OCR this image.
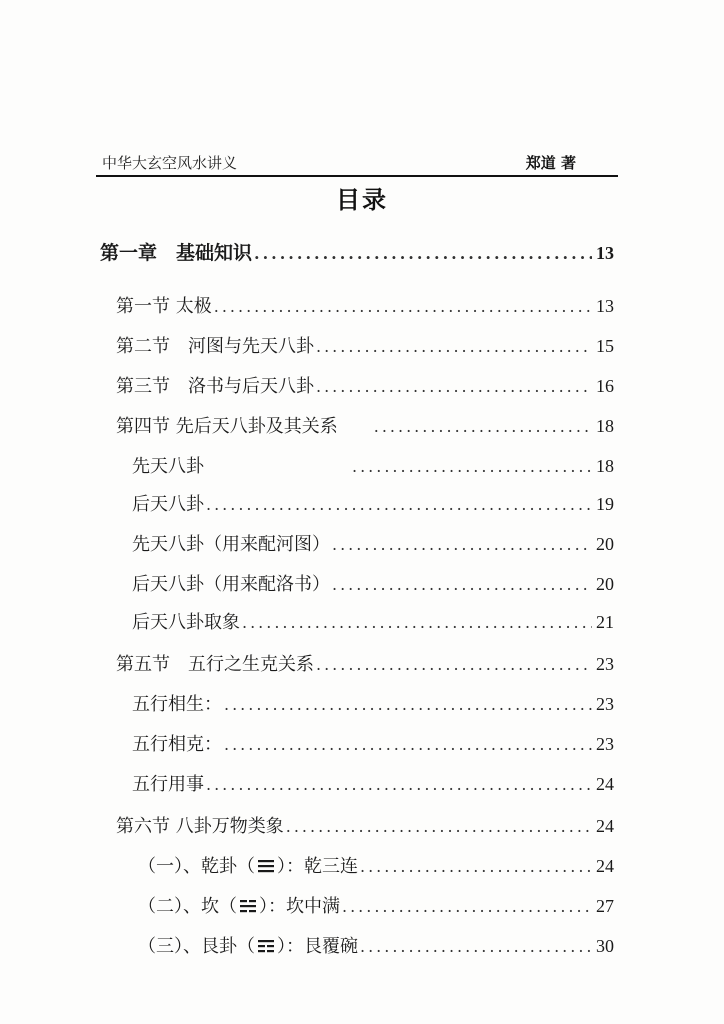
中华大玄空风水讲义	郑道 著
目录
第一章　基础知识 .....	13
第一节 太极 .....	13
第二节　河图与先天八卦 .....	15
第三节　洛书与后天八卦 .....	16
第四节 先后天八卦及其关系 .....	18
先天八卦 .....	18
后天八卦 .....	19
先天八卦（用来配河图） .....	20
后天八卦（用来配洛书） .....	20
后天八卦取象 .....	21
第五节　五行之生克关系 .....	23
五行相生： .....	23
五行相克： .....	23
五行用事 .....	24
第六节 八卦万物类象 .....	24
（一）、乾卦（ ）：乾三连 .....	24
（二）、坎（ ）：坎中满 .....	27
（三）、艮卦（ ）：艮覆碗 .....	30
